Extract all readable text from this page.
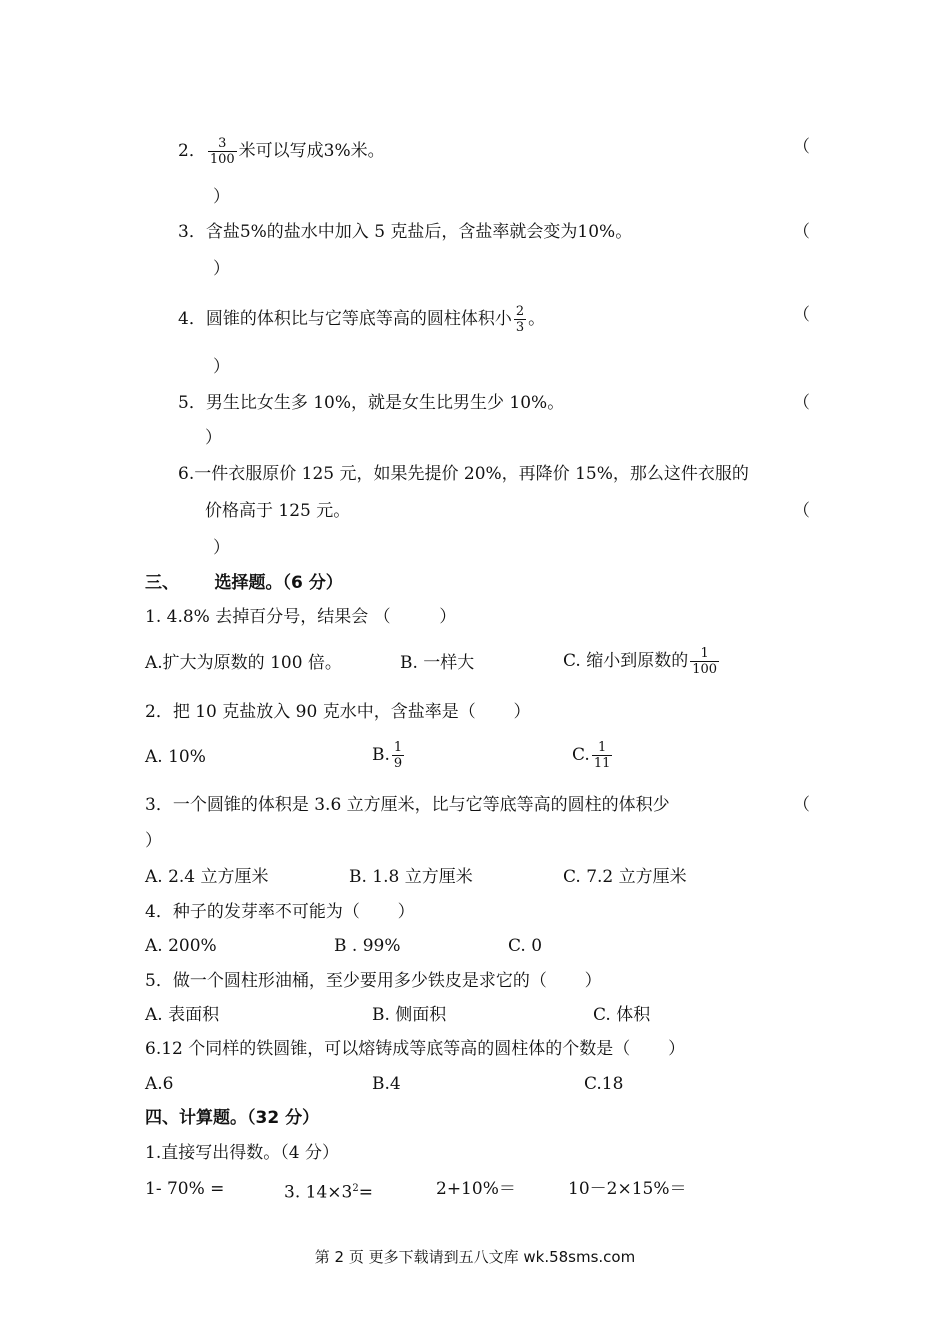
2． $\frac{3}{100}$ 米可以写成3%米。	（
）
3．含盐5%的盐水中加入 5 克盐后，含盐率就会变为10%。	（
）
4．圆锥的体积比与它等底等高的圆柱体积小 $\frac{2}{3}$ 。	（
）
5．男生比女生多 10%，就是女生比男生少 10%。	（
）
6.一件衣服原价 125 元，如果先提价 20%，再降价 15%，那么这件衣服的
价格高于 125 元。	（
）
三、      选择题。（6 分）
1. 4.8% 去掉百分号，结果会 （         ）
A.扩大为原数的 100 倍。	B. 一样大	C. 缩小到原数的 $\frac{1}{100}$
2．把 10 克盐放入 90 克水中，含盐率是（       ）
A. 10%	B. $\frac{1}{9}$	C. $\frac{1}{11}$
3．一个圆锥的体积是 3.6 立方厘米，比与它等底等高的圆柱的体积少	（
）
A. 2.4 立方厘米	B. 1.8 立方厘米	C. 7.2 立方厘米
4．种子的发芽率不可能为（       ）
A. 200%	B . 99%	C. 0
5．做一个圆柱形油桶，至少要用多少铁皮是求它的（       ）
A. 表面积	B. 侧面积	C. 体积
6.12 个同样的铁圆锥，可以熔铸成等底等高的圆柱体的个数是（       ）
A.6	B.4	C.18
四、计算题。（32 分）
1.直接写出得数。（4 分）
1- 70% =	3. $14\times 3^2=$	2+10%＝	10－2×15%＝
第 2 页 更多下载请到五八文库 wk.58sms.com
